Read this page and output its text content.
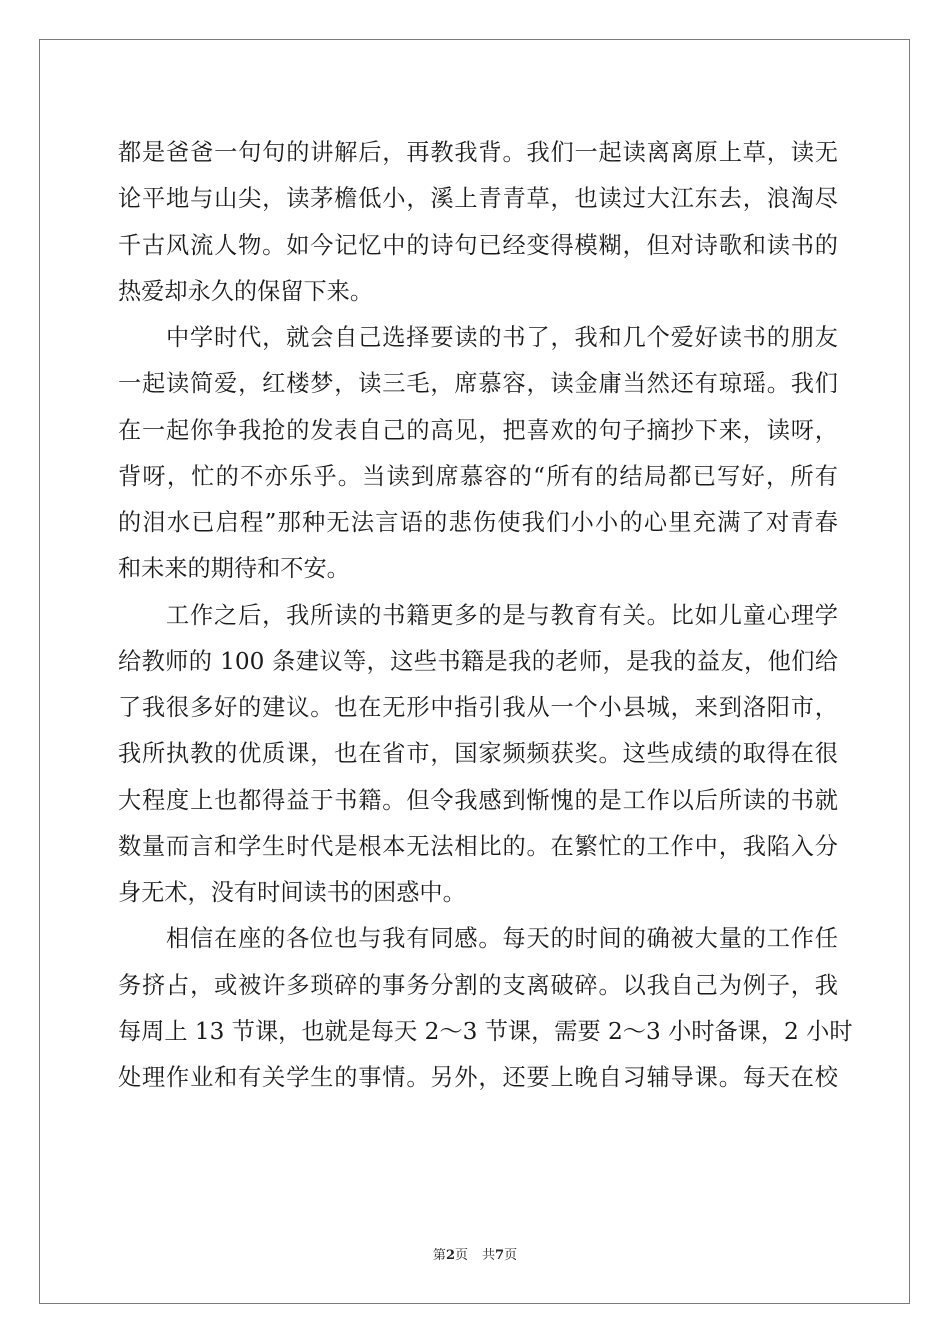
都是爸爸一句句的讲解后，再教我背。我们一起读离离原上草，读无
论平地与山尖，读茅檐低小，溪上青青草，也读过大江东去，浪淘尽
千古风流人物。如今记忆中的诗句已经变得模糊，但对诗歌和读书的
热爱却永久的保留下来。
中学时代，就会自己选择要读的书了，我和几个爱好读书的朋友
一起读简爱，红楼梦，读三毛，席慕容，读金庸当然还有琼瑶。我们
在一起你争我抢的发表自己的高见，把喜欢的句子摘抄下来，读呀，
背呀，忙的不亦乐乎。当读到席慕容的“所有的结局都已写好，所有
的泪水已启程”那种无法言语的悲伤使我们小小的心里充满了对青春
和未来的期待和不安。
工作之后，我所读的书籍更多的是与教育有关。比如儿童心理学
给教师的 100 条建议等，这些书籍是我的老师，是我的益友，他们给
了我很多好的建议。也在无形中指引我从一个小县城，来到洛阳市，
我所执教的优质课，也在省市，国家频频获奖。这些成绩的取得在很
大程度上也都得益于书籍。但令我感到惭愧的是工作以后所读的书就
数量而言和学生时代是根本无法相比的。在繁忙的工作中，我陷入分
身无术，没有时间读书的困惑中。
相信在座的各位也与我有同感。每天的时间的确被大量的工作任
务挤占，或被许多琐碎的事务分割的支离破碎。以我自己为例子，我
每周上 13 节课，也就是每天 2～3 节课，需要 2～3 小时备课，2 小时
处理作业和有关学生的事情。另外，还要上晚自习辅导课。每天在校
第2页 共7页
